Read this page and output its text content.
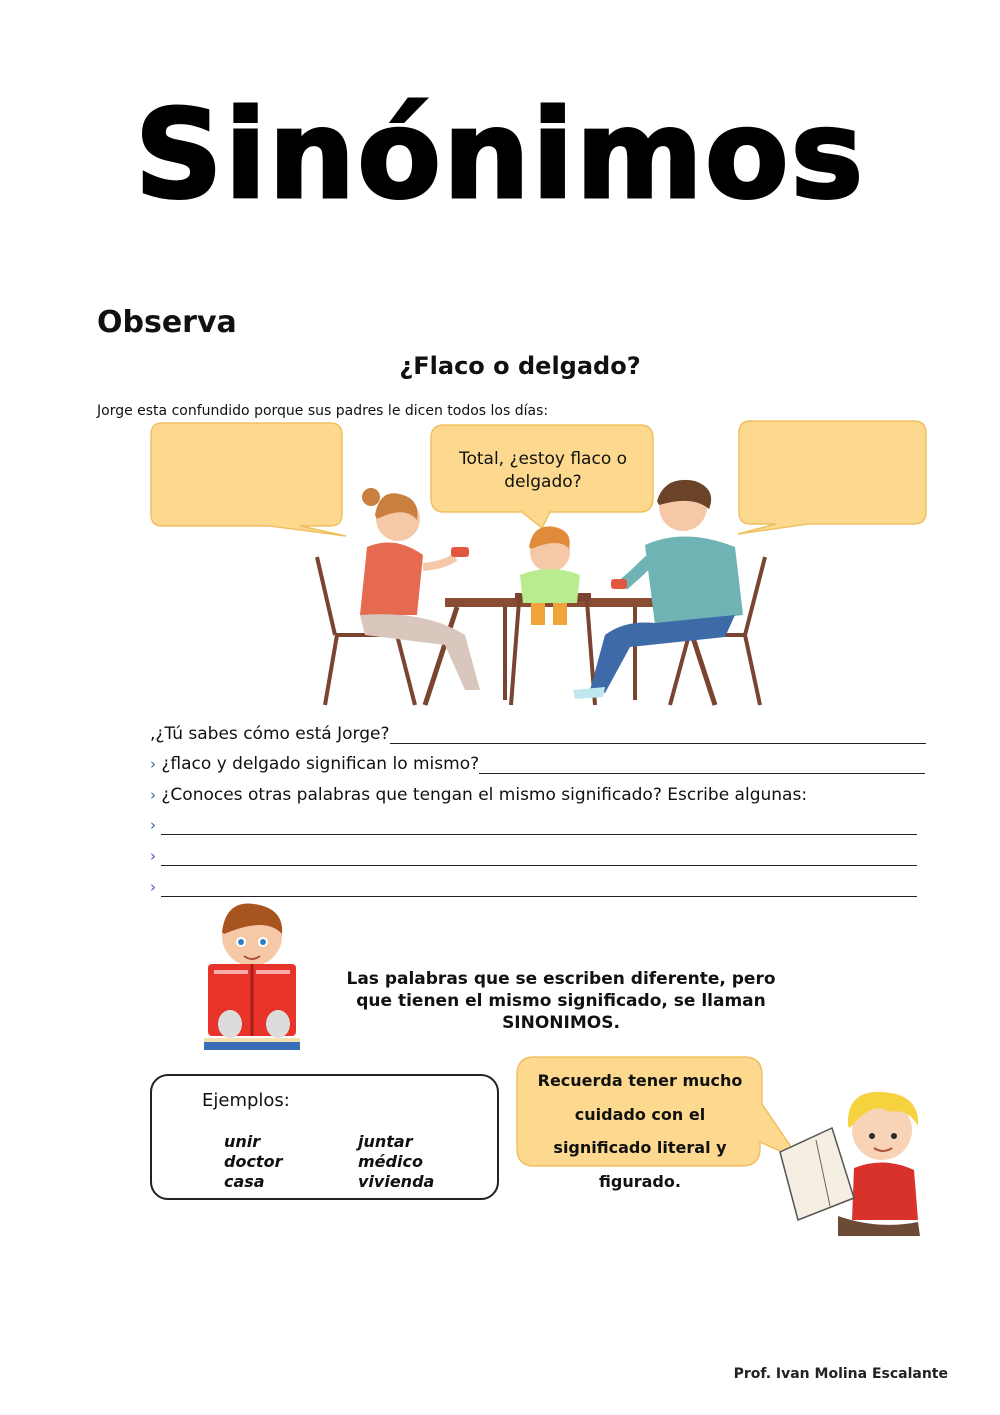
Sinónimos
Observa
¿Flaco o delgado?
Jorge esta confundido porque sus padres le dicen todos los días:
Total, ¿estoy flaco o delgado?
,¿Tú sabes cómo está Jorge?
› ¿flaco y delgado significan lo mismo?
› ¿Conoces otras palabras que tengan el mismo significado? Escribe algunas:
›
›
›
Las palabras que se escriben diferente, pero que tienen el mismo significado, se llaman SINONIMOS.
Ejemplos:
unir
doctor
casa
juntar
médico
vivienda
Recuerda tener mucho cuidado con el significado literal y figurado.
Prof. Ivan Molina Escalante
